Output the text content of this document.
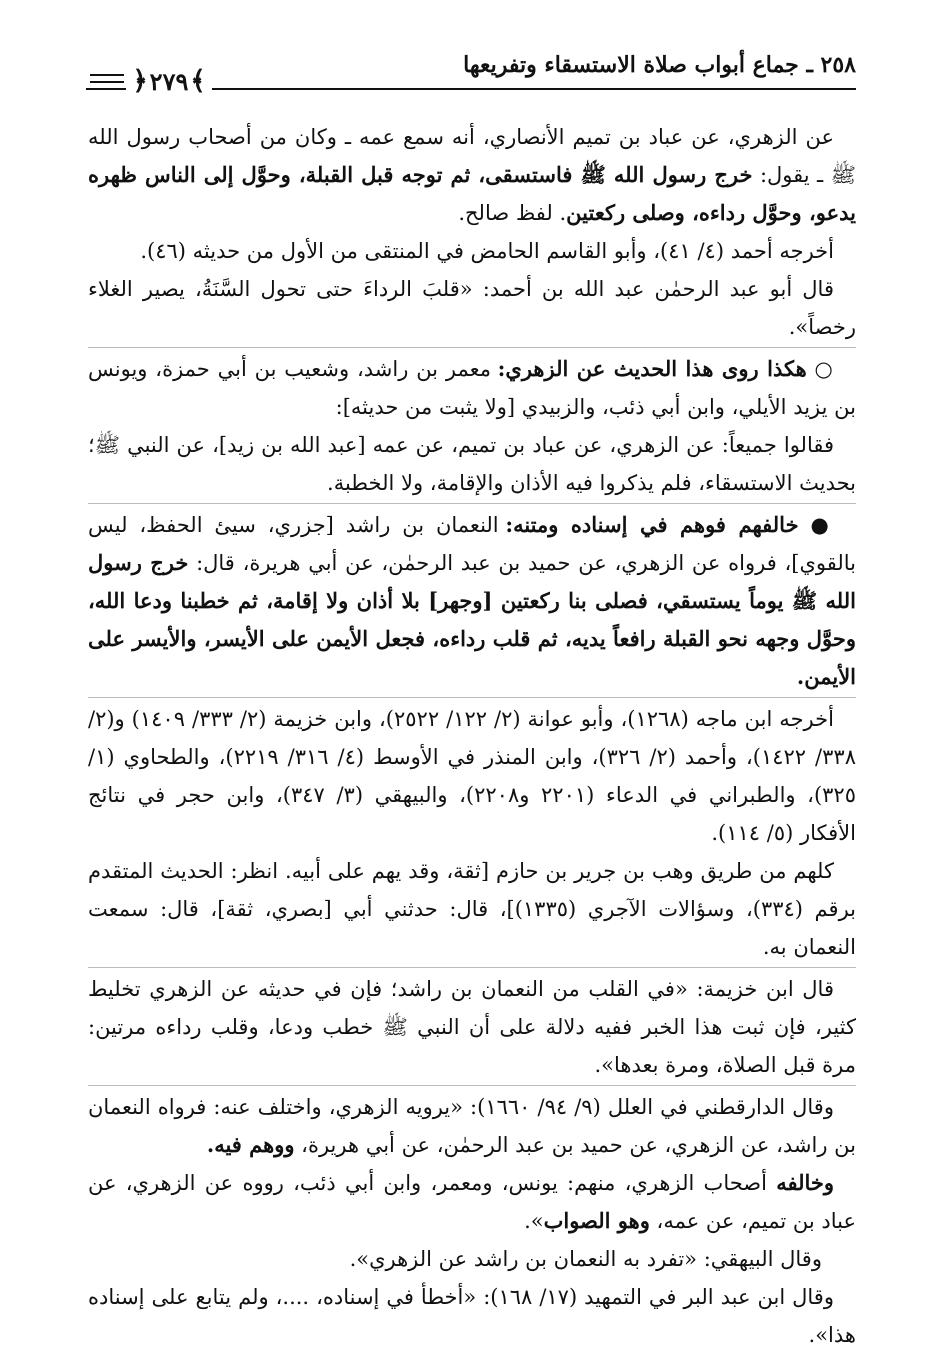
٢٥٨ ـ جماع أبواب صلاة الاستسقاء وتفريعها
﴾
٢٧٩
﴿

عن الزهري، عن عباد بن تميم الأنصاري، أنه سمع عمه ـ وكان من أصحاب رسول الله ﷺ ـ يقول: خرج رسول الله ﷺ فاستسقى، ثم توجه قبل القبلة، وحوَّل إلى الناس ظهره يدعو، وحوَّل رداءه، وصلى ركعتين. لفظ صالح.

أخرجه أحمد (٤/ ٤١)، وأبو القاسم الحامض في المنتقى من الأول من حديثه (٤٦).

قال أبو عبد الرحمٰن عبد الله بن أحمد: «قلبَ الرداءَ حتى تحول السَّنَةُ، يصير الغلاء رخصاً».

○ هكذا روى هذا الحديث عن الزهري: معمر بن راشد، وشعيب بن أبي حمزة، ويونس بن يزيد الأيلي، وابن أبي ذئب، والزبيدي [ولا يثبت من حديثه]:

فقالوا جميعاً: عن الزهري، عن عباد بن تميم، عن عمه [عبد الله بن زيد]، عن النبي ﷺ؛ بحديث الاستسقاء، فلم يذكروا فيه الأذان والإقامة، ولا الخطبة.

● خالفهم فوهم في إسناده ومتنه: النعمان بن راشد [جزري، سيئ الحفظ، ليس بالقوي]، فرواه عن الزهري، عن حميد بن عبد الرحمٰن، عن أبي هريرة، قال: خرج رسول الله ﷺ يوماً يستسقي، فصلى بنا ركعتين [وجهر] بلا أذان ولا إقامة، ثم خطبنا ودعا الله، وحوَّل وجهه نحو القبلة رافعاً يديه، ثم قلب رداءه، فجعل الأيمن على الأيسر، والأيسر على الأيمن.

أخرجه ابن ماجه (١٢٦٨)، وأبو عوانة (٢/ ١٢٢/ ٢٥٢٢)، وابن خزيمة (٢/ ٣٣٣/ ١٤٠٩) و(٢/ ٣٣٨/ ١٤٢٢)، وأحمد (٢/ ٣٢٦)، وابن المنذر في الأوسط (٤/ ٣١٦/ ٢٢١٩)، والطحاوي (١/ ٣٢٥)، والطبراني في الدعاء (٢٢٠١ و٢٢٠٨)، والبيهقي (٣/ ٣٤٧)، وابن حجر في نتائج الأفكار (٥/ ١١٤).

كلهم من طريق وهب بن جرير بن حازم [ثقة، وقد يهم على أبيه. انظر: الحديث المتقدم برقم (٣٣٤)، وسؤالات الآجري (١٣٣٥)]، قال: حدثني أبي [بصري، ثقة]، قال: سمعت النعمان به.

قال ابن خزيمة: «في القلب من النعمان بن راشد؛ فإن في حديثه عن الزهري تخليط كثير، فإن ثبت هذا الخبر ففيه دلالة على أن النبي ﷺ خطب ودعا، وقلب رداءه مرتين: مرة قبل الصلاة، ومرة بعدها».

وقال الدارقطني في العلل (٩/ ٩٤/ ١٦٦٠): «يرويه الزهري، واختلف عنه: فرواه النعمان بن راشد، عن الزهري، عن حميد بن عبد الرحمٰن، عن أبي هريرة، ووهم فيه.

وخالفه أصحاب الزهري، منهم: يونس، ومعمر، وابن أبي ذئب، رووه عن الزهري، عن عباد بن تميم، عن عمه، وهو الصواب».

وقال البيهقي: «تفرد به النعمان بن راشد عن الزهري».

وقال ابن عبد البر في التمهيد (١٧/ ١٦٨): «أخطأ في إسناده، ....، ولم يتابع على إسناده هذا».
